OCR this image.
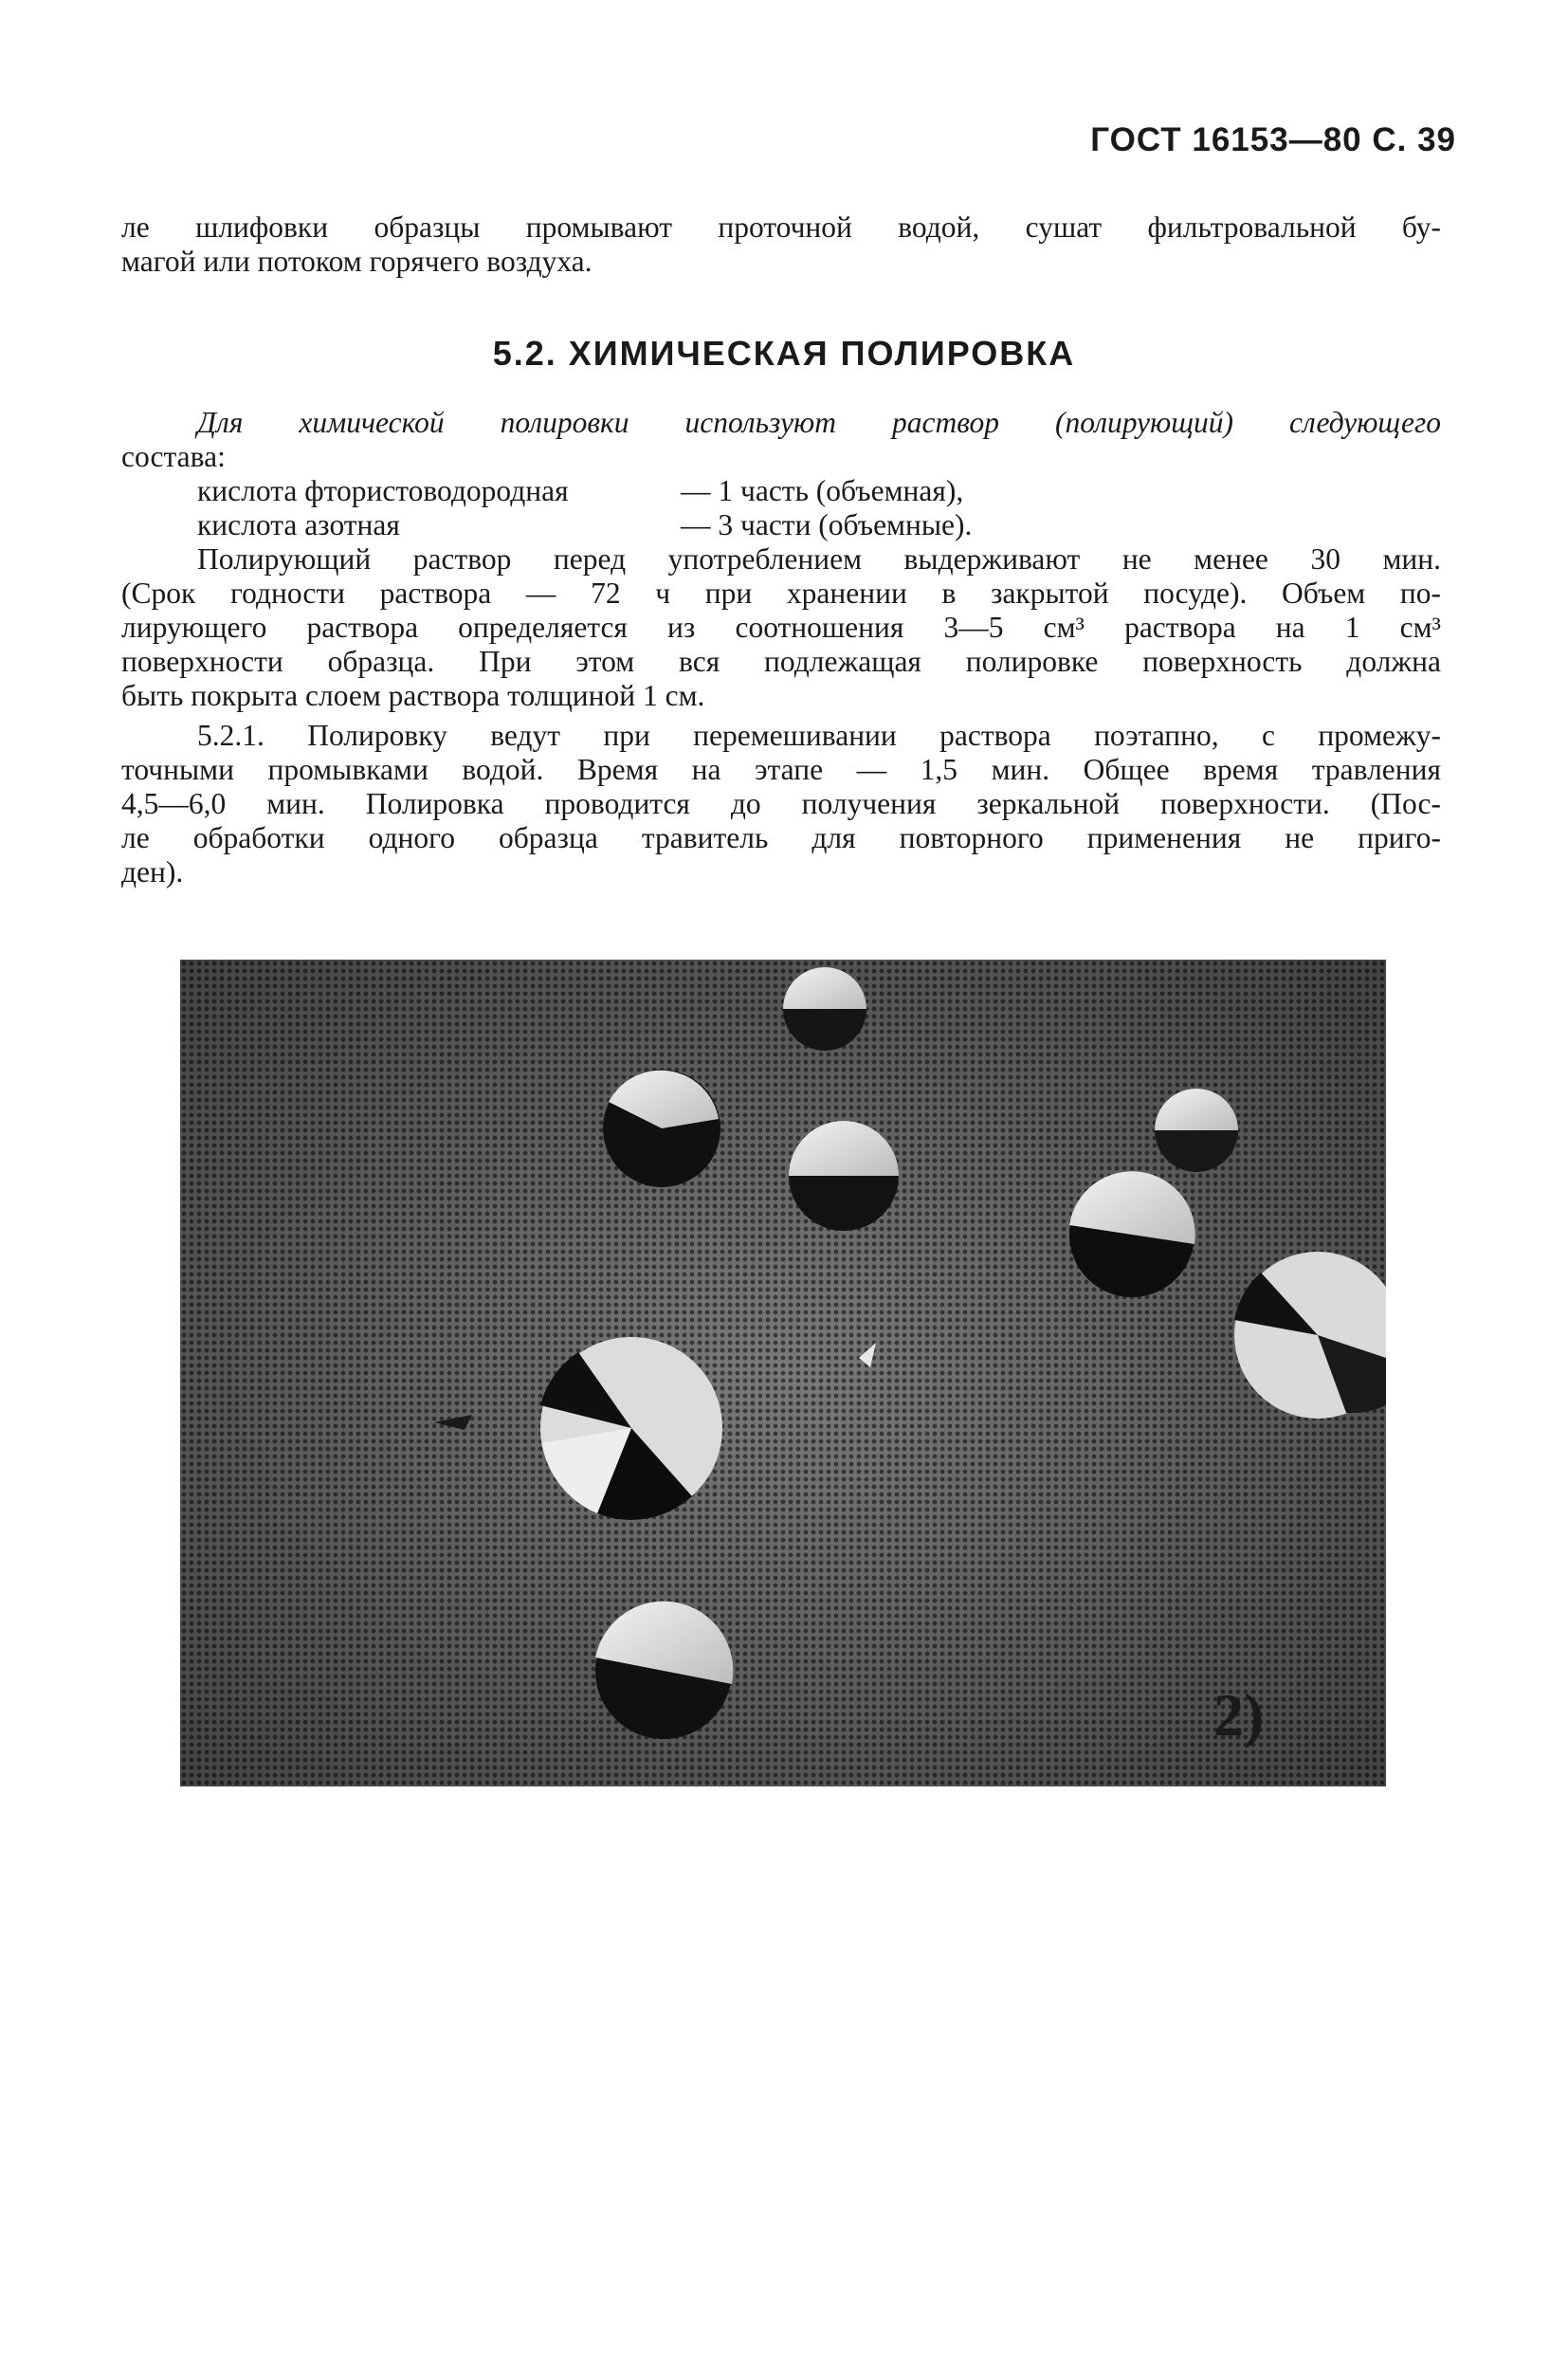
ГОСТ 16153—80 С. 39
ле шлифовки образцы промывают проточной водой, сушат фильтровальной бу-
магой или потоком горячего воздуха.
5.2. ХИМИЧЕСКАЯ ПОЛИРОВКА
Для химической полировки используют раствор (полирующий) следующего
состава:
кислота фтористоводородная	— 1 часть (объемная),
кислота азотная	— 3 части (объемные).
Полирующий раствор перед употреблением выдерживают не менее 30 мин.
(Срок годности раствора — 72 ч при хранении в закрытой посуде). Объем по-
лирующего раствора определяется из соотношения 3—5 см³ раствора на 1 см³
поверхности образца. При этом вся подлежащая полировке поверхность должна
быть покрыта слоем раствора толщиной 1 см.
5.2.1. Полировку ведут при перемешивании раствора поэтапно, с промежу-
точными промывками водой. Время на этапе — 1,5 мин. Общее время травления
4,5—6,0 мин. Полировка проводится до получения зеркальной поверхности. (Пос-
ле обработки одного образца травитель для повторного применения не приго-
ден).
2)
